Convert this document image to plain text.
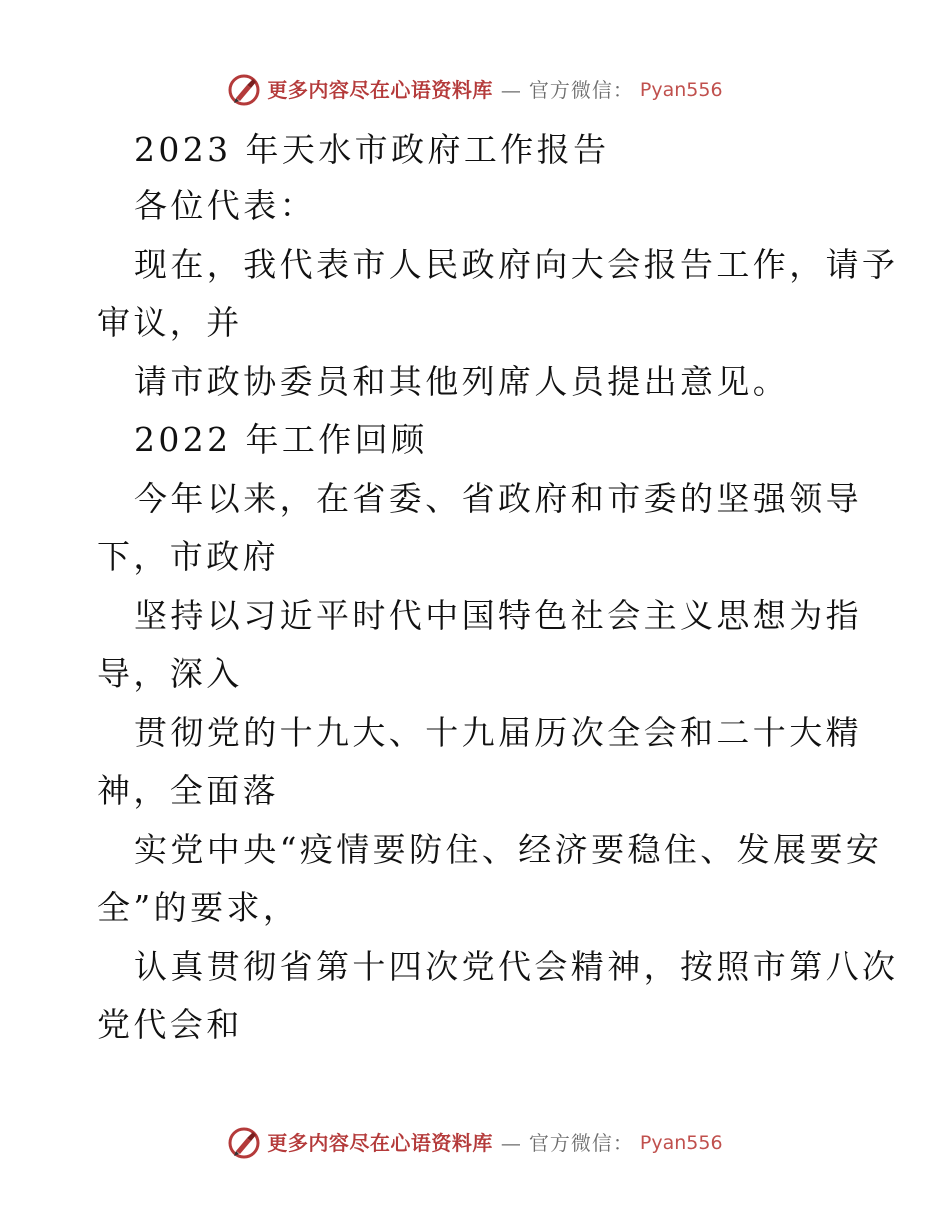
更多内容尽在心语资料库 — 官方微信： Pyan556
2023 年天水市政府工作报告
各位代表：
现在，我代表市人民政府向大会报告工作，请予
审议，并
请市政协委员和其他列席人员提出意见。
2022 年工作回顾
今年以来，在省委、省政府和市委的坚强领导
下，市政府
坚持以习近平时代中国特色社会主义思想为指
导，深入
贯彻党的十九大、十九届历次全会和二十大精
神，全面落
实党中央“疫情要防住、经济要稳住、发展要安
全”的要求，
认真贯彻省第十四次党代会精神，按照市第八次
党代会和
更多内容尽在心语资料库 — 官方微信： Pyan556
